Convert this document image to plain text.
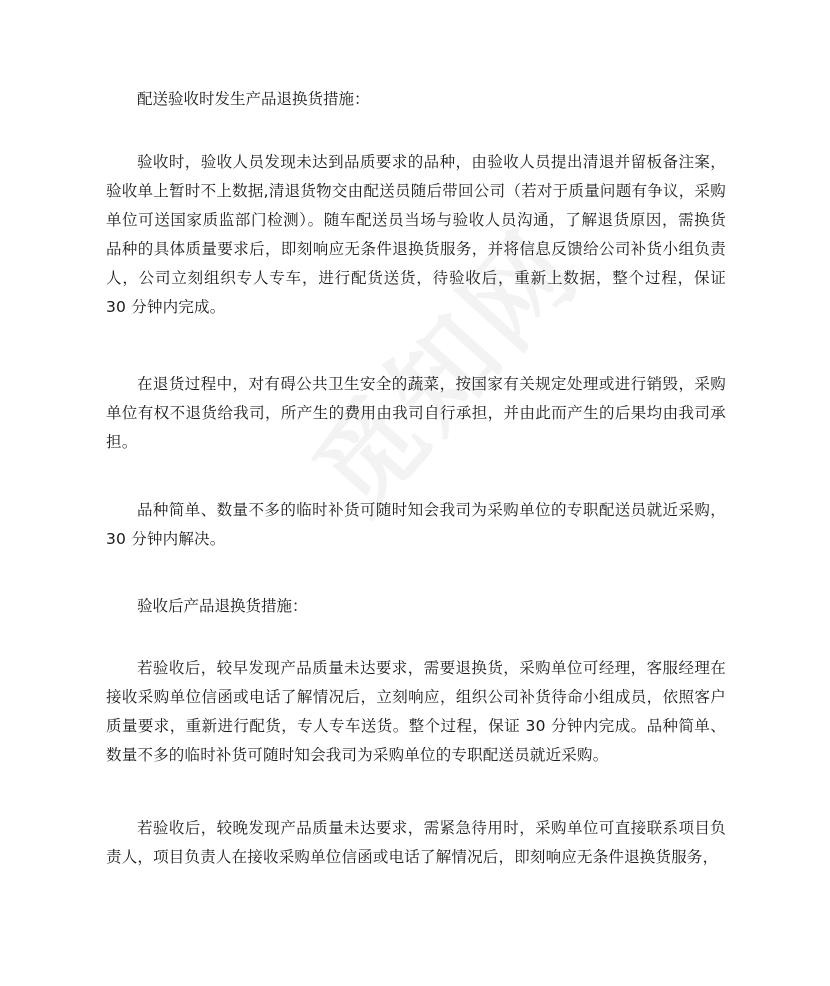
配送验收时发生产品退换货措施：
验收时，验收人员发现未达到品质要求的品种，由验收人员提出清退并留板备注案，验收单上暂时不上数据,清退货物交由配送员随后带回公司（若对于质量问题有争议，采购单位可送国家质监部门检测）。随车配送员当场与验收人员沟通，了解退货原因，需换货品种的具体质量要求后，即刻响应无条件退换货服务，并将信息反馈给公司补货小组负责人，公司立刻组织专人专车，进行配货送货，待验收后，重新上数据，整个过程，保证 30 分钟内完成。
在退货过程中，对有碍公共卫生安全的蔬菜，按国家有关规定处理或进行销毁，采购单位有权不退货给我司，所产生的费用由我司自行承担，并由此而产生的后果均由我司承担。
品种简单、数量不多的临时补货可随时知会我司为采购单位的专职配送员就近采购，30 分钟内解决。
验收后产品退换货措施：
若验收后，较早发现产品质量未达要求，需要退换货，采购单位可经理，客服经理在接收采购单位信函或电话了解情况后，立刻响应，组织公司补货待命小组成员，依照客户质量要求，重新进行配货，专人专车送货。整个过程，保证 30 分钟内完成。品种简单、数量不多的临时补货可随时知会我司为采购单位的专职配送员就近采购。
若验收后，较晚发现产品质量未达要求，需紧急待用时，采购单位可直接联系项目负责人，项目负责人在接收采购单位信函或电话了解情况后，即刻响应无条件退换货服务，
